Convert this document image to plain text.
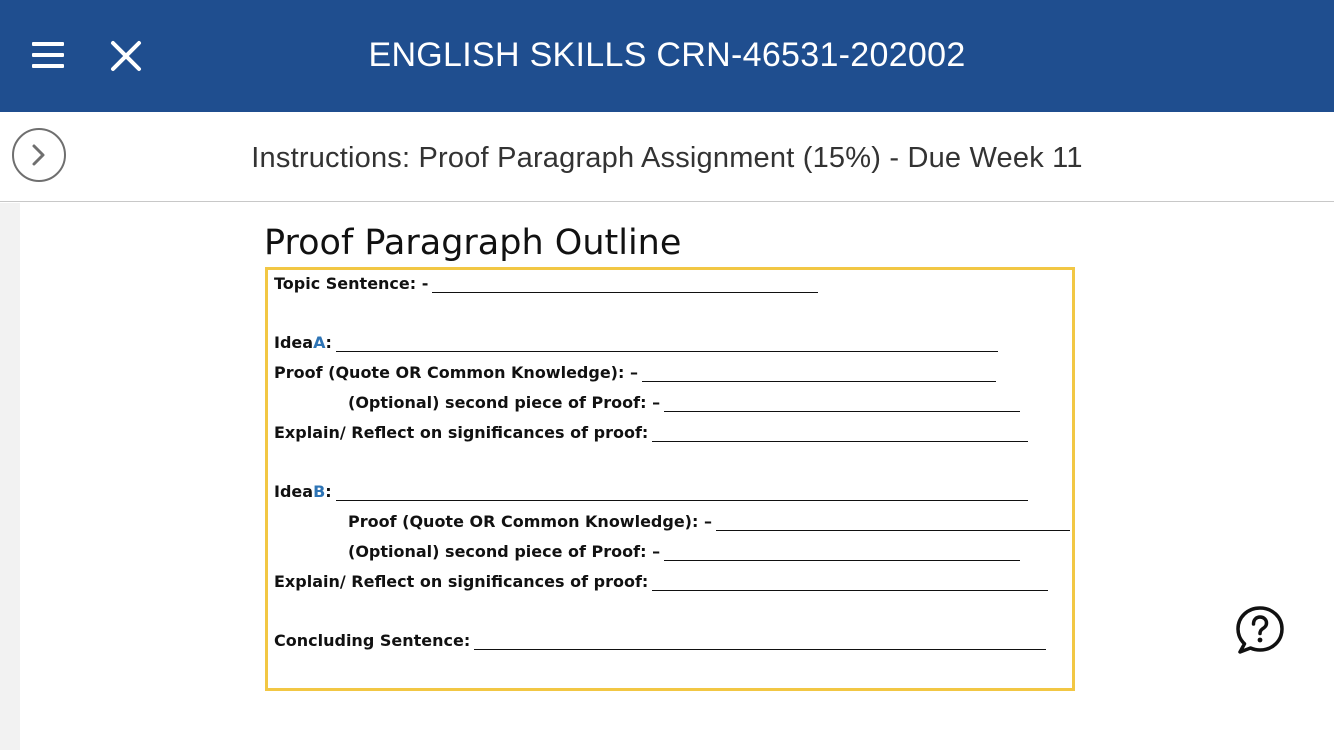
ENGLISH SKILLS CRN-46531-202002
Instructions: Proof Paragraph Assignment (15%) - Due Week 11
Proof Paragraph Outline
Topic Sentence: -
Idea A :
Proof (Quote OR Common Knowledge): –
(Optional) second piece of Proof: –
Explain/ Reflect on significances of proof:
Idea B :
Proof (Quote OR Common Knowledge): –
(Optional) second piece of Proof: –
Explain/ Reflect on significances of proof:
Concluding Sentence:
